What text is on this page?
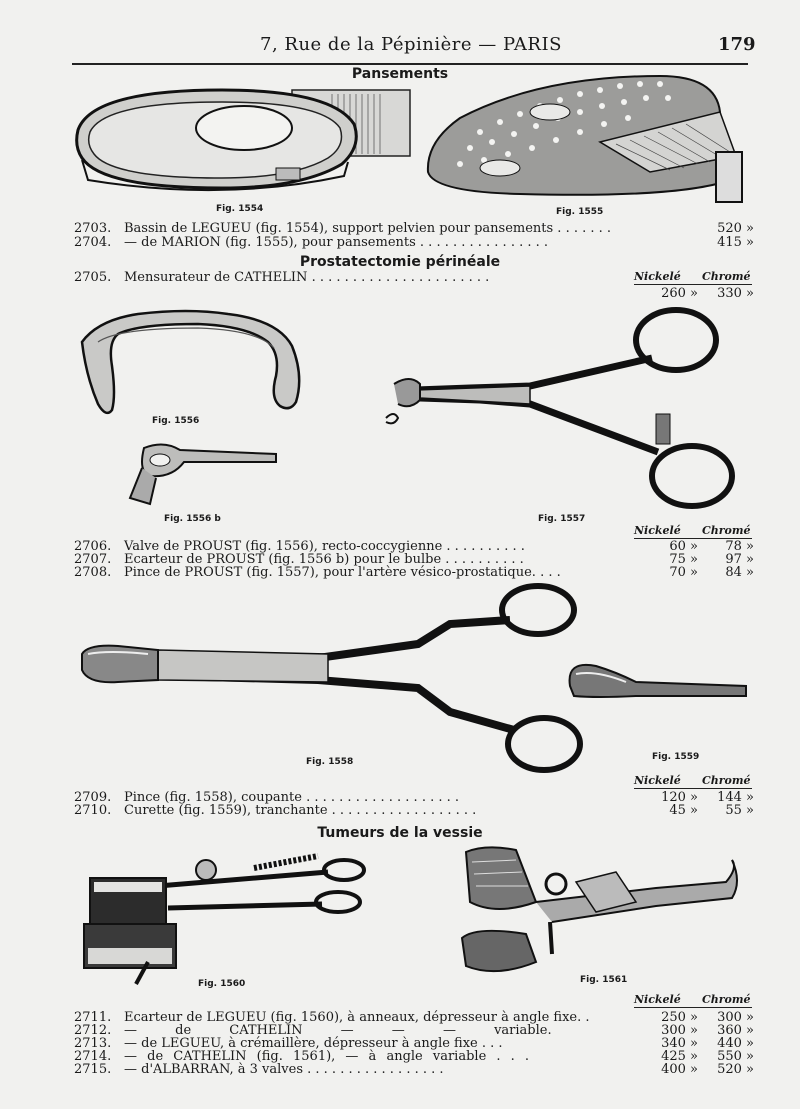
7, Rue de la Pépinière — PARIS	179
Pansements
Fig. 1554	Fig. 1555
2703. Bassin de LEGUEU (fig. 1554), support pelvien pour pansements . . . . . . .	520 »
2704. — de MARION (fig. 1555), pour pansements . . . . . . . . . . . . . . . .	415 »
Prostatectomie périnéale
Nickelé Chromé
2705. Mensurateur de CATHELIN . . . . . . . . . . . . . . . . . . . . . .
260 »	330 »
Fig. 1556
Fig. 1556 b	Fig. 1557
Nickelé Chromé
2706. Valve de PROUST (fig. 1556), recto-coccygienne . . . . . . . . . .	60 »	78 »
2707. Ecarteur de PROUST (fig. 1556 b) pour le bulbe . . . . . . . . . .	75 »	97 »
2708. Pince de PROUST (fig. 1557), pour l'artère vésico-prostatique. . . .	70 »	84 »
Fig. 1558	Fig. 1559
Nickelé Chromé
2709. Pince (fig. 1558), coupante . . . . . . . . . . . . . . . . . . .	120 »	144 »
2710. Curette (fig. 1559), tranchante . . . . . . . . . . . . . . . . . .	45 »	55 »
Tumeurs de la vessie
Fig. 1560	Fig. 1561
Nickelé Chromé
2711. Ecarteur de LEGUEU (fig. 1560), à anneaux, dépresseur à angle fixe. .	250 »	300 »
2712. — de CATHELIN — — — variable.	300 »	360 »
2713. — de LEGUEU, à crémaillère, dépresseur à angle fixe . . .	340 »	440 »
2714. — de CATHELIN (fig. 1561), — à angle variable . . .	425 »	550 »
2715. — d'ALBARRAN, à 3 valves . . . . . . . . . . . . . . . . .	400 »	520 »
